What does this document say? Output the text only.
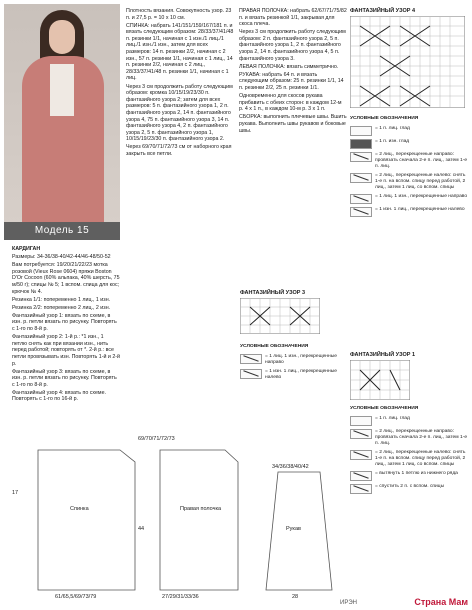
Модель 15

КАРДИГАН

Размеры: 34-36/38-40/42-44/46-48/50-52

Вам потребуется: 19/20/21/22/23 мотка розовой (Vieux Rose 0604) пряжи Boston D'Or Cocoon (60% альпака, 40% шерсть, 75 м/50 г); спицы № 5; 1 вспом. спица для кос; крючок № 4.

Резинка 1/1: попеременно 1 лиц., 1 изн.

Резинка 2/2: попеременно 2 лиц., 2 изн.

Фантазийный узор 1: вязать по схеме, в изн. р. петли вязать по рисунку. Повторять с 1-го по 8-й р.

Фантазийный узор 2: 1-й р.: *1 изн., 1 петлю снять как при вязании изн., нить перед работой; повторять от *. 2-й р.: все петли провязывать изн. Повторять 1-й и 2-й р.

Фантазийный узор 3: вязать по схеме, в изн. р. петли вязать по рисунку. Повторять с 1-го по 8-й р.

Фантазийный узор 4: вязать по схеме. Повторять с 1-го по 16-й р.

Плотность вязания. Совокупность узор. 23 п. и 27,5 р. = 10 х 10 см.

СПИНКА: набрать 141/151/159/167/181 п. и вязать следующим образом: 28/33/37/41/48 п. резинки 1/1, начиная с 1 изн./1 лиц./1 лиц./1 изн./1 изн., затем для всех размеров: 14 п. резинки 2/2, начиная с 2 изн., 57 п. резинки 1/1, начиная с 1 лиц., 14 п. резинки 2/2, начиная с 2 лиц., 28/33/37/41/48 п. резинки 1/1, начиная с 1 лиц.

Через 3 см продолжить работу следующим образом: кромка 10/15/19/23/30 п. фантазийного узора 2; затем для всех размеров: 5 п. фантазийного узора 1, 2 п. фантазийного узора 2, 14 п. фантазийного узора 4, 75 п. фантазийного узора 3, 14 п. фантазийного узора 4, 2 п. фантазийного узора 2, 5 п. фантазийного узора 1, 10/15/19/23/30 п. фантазийного узора 2.

Через 69/70/71/72/73 см от наборного края закрыть все петли.

ПРАВАЯ ПОЛОЧКА: набрать 62/67/71/75/82 п. и вязать резинкой 1/1, закрывая для скоса плеча.

Через 3 см продолжить работу следующим образом: 2 п. фантазийного узора 2, 5 п. фантазийного узора 1, 2 п. фантазийного узора 2, 14 п. фантазийного узора 4, 5 п. фантазийного узора 3.

ЛЕВАЯ ПОЛОЧКА: вязать симметрично.

РУКАВА: набрать 64 п. и вязать следующим образом: 25 п. резинки 1/1, 14 п. резинки 2/2, 25 п. резинки 1/1.

Одновременно для скосов рукава прибавить с обеих сторон: в каждом 12-м р. 4 х 1 п., в каждом 10-м р. 3 х 1 п.

СБОРКА: выполнить плечевые швы. Вшить рукава. Выполнить швы рукавов и боковые швы.

ФАНТАЗИЙНЫЙ УЗОР 4
УСЛОВНЫЕ ОБОЗНАЧЕНИЯ
= 1 п. лиц. глад
= 1 п. изн. глад
= 2 лиц., перекрещенные направо: провязать сначала 2-е п. лиц., затем 1-е п. лиц.
= 2 лиц., перекрещенные налево: снять 1-е п. на вспом. спицу перед работой, 2 лиц., затем 1 лиц. со вспом. спицы
= 1 лиц. 1 изн., перекрещенные направо
= 1 изн. 1 лиц., перекрещенные налево
ФАНТАЗИЙНЫЙ УЗОР 3
УСЛОВНЫЕ ОБОЗНАЧЕНИЯ
= 1 лиц. 1 изн., перекрещенные направо
= 1 изн. 1 лиц., перекрещенные налево
ФАНТАЗИЙНЫЙ УЗОР 1
УСЛОВНЫЕ ОБОЗНАЧЕНИЯ
= 1 п. лиц. глад
= 2 лиц., перекрещенные направо: провязать сначала 2-е п. лиц., затем 1-е п. лиц.
= 2 лиц., перекрещенные налево: снять 1-е п. на вспом. спицу перед работой, 2 лиц., затем 1 лиц. со вспом. спицы
= вытянуть 1 петлю из нижнего ряда
= спустить 2 п. с вспом. спицы
Спинка	Правая полочка
Рукав
69/70/71/72/73
61/65,5/69/73/79	27/29/31/33/36
34/36/38/40/42
28
17
44
ИРЭН	Страна Мам
